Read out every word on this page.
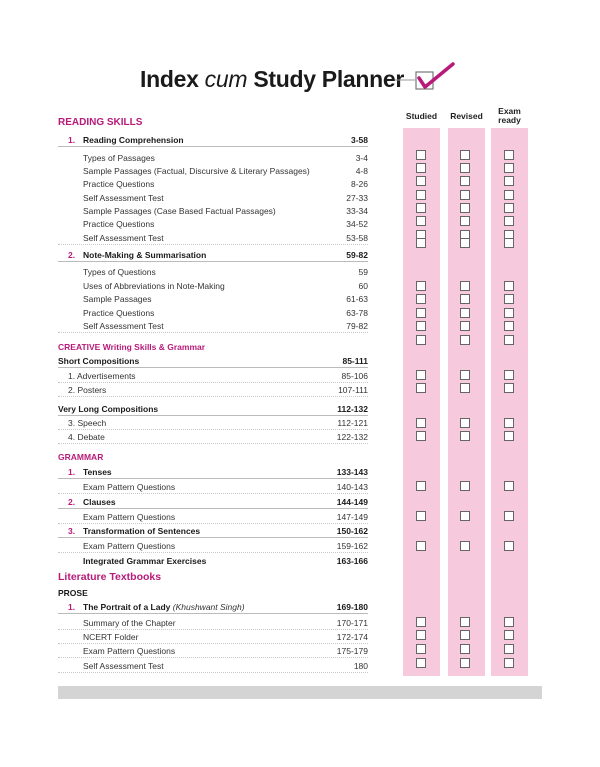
Index cum Study Planner
Studied	Revised	Exam
ready
READING SKILLS
CREATIVE Writing Skills & Grammar
GRAMMAR
Literature Textbooks
PROSE
1. Reading Comprehension	3-58
Types of Passages	3-4
Sample Passages (Factual, Discursive & Literary Passages)	4-8
Practice Questions	8-26
Self Assessment Test	27-33
Sample Passages (Case Based Factual Passages)	33-34
Practice Questions	34-52
Self Assessment Test	53-58
2. Note-Making & Summarisation	59-82
Types of Questions	59
Uses of Abbreviations in Note-Making	60
Sample Passages	61-63
Practice Questions	63-78
Self Assessment Test	79-82
Short Compositions	85-111
1. Advertisements	85-106
2. Posters	107-111
Very Long Compositions	112-132
3. Speech	112-121
4. Debate	122-132
1. Tenses	133-143
Exam Pattern Questions	140-143
2. Clauses	144-149
Exam Pattern Questions	147-149
3. Transformation of Sentences	150-162
Exam Pattern Questions	159-162
Integrated Grammar Exercises	163-166
1. The Portrait of a Lady (Khushwant Singh)	169-180
Summary of the Chapter	170-171
NCERT Folder	172-174
Exam Pattern Questions	175-179
Self Assessment Test	180
